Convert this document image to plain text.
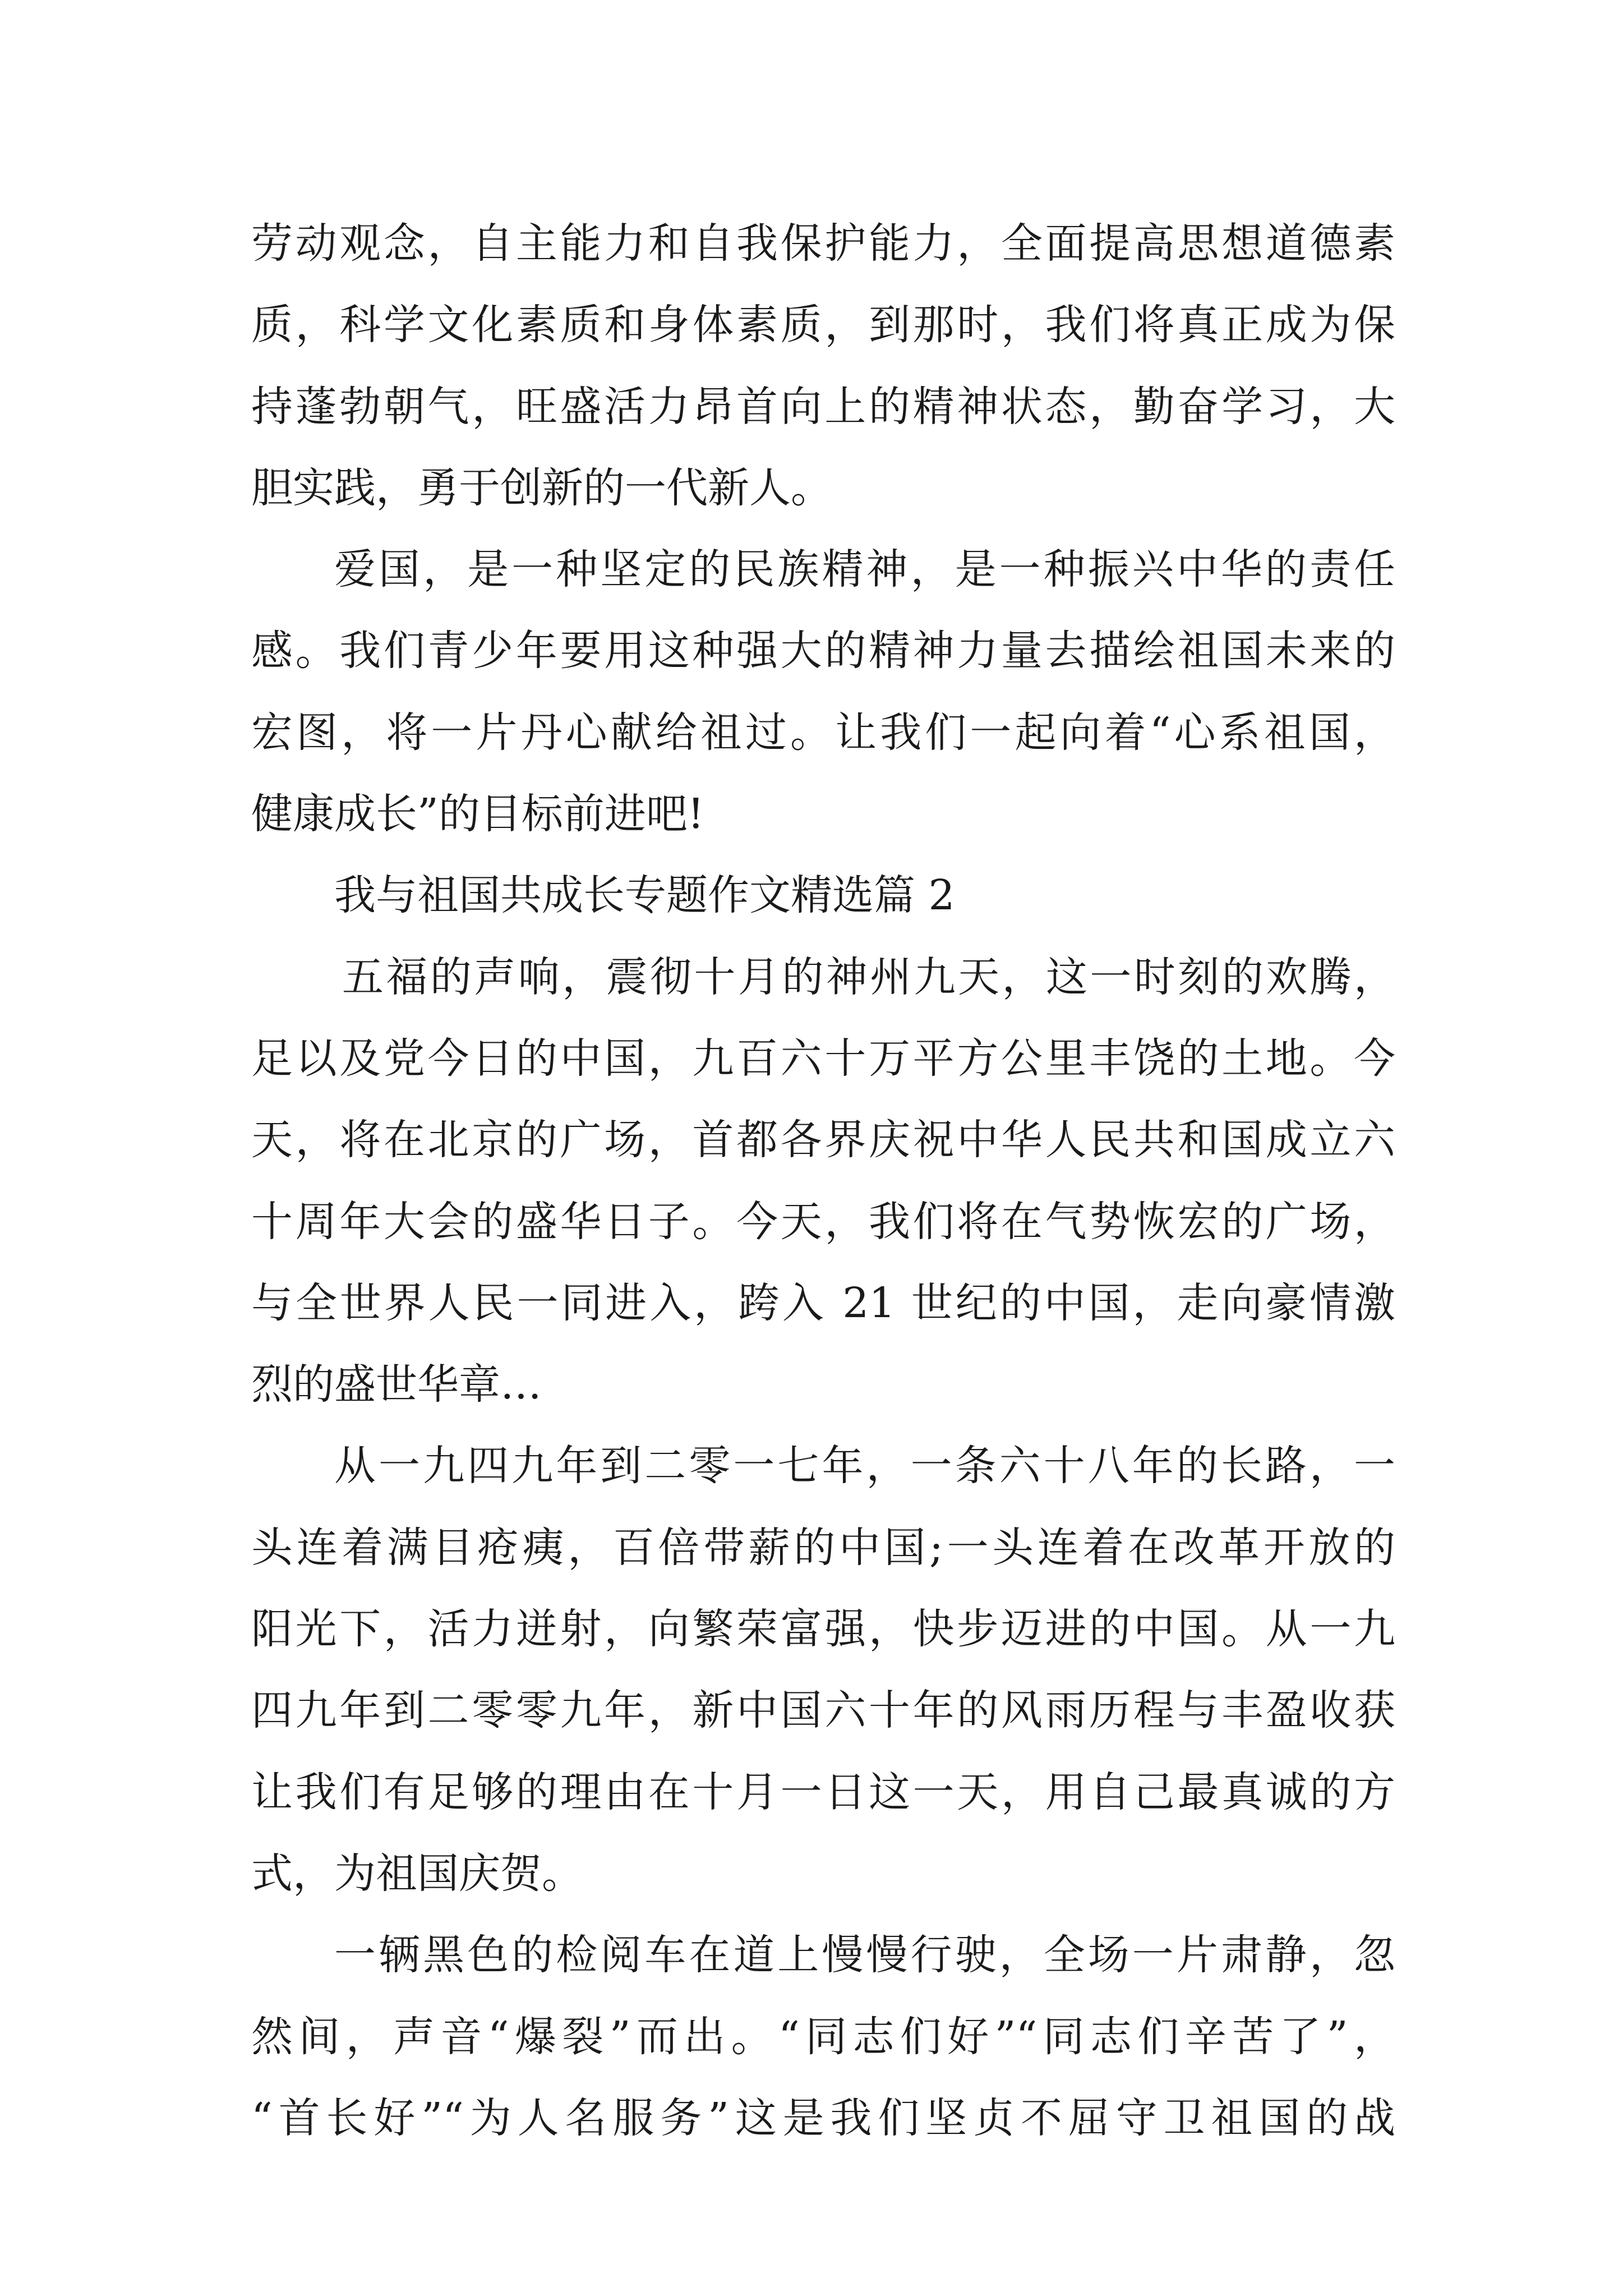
劳动观念，自主能力和自我保护能力，全面提高思想道德素
质，科学文化素质和身体素质，到那时，我们将真正成为保
持蓬勃朝气，旺盛活力昂首向上的精神状态，勤奋学习，大
胆实践，勇于创新的一代新人。
爱国，是一种坚定的民族精神，是一种振兴中华的责任
感。我们青少年要用这种强大的精神力量去描绘祖国未来的
宏图，将一片丹心献给祖过。让我们一起向着“心系祖国，
健康成长”的目标前进吧!
我与祖国共成长专题作文精选篇 2
五福的声响，震彻十月的神州九天，这一时刻的欢腾，
足以及党今日的中国，九百六十万平方公里丰饶的土地。今
天，将在北京的广场，首都各界庆祝中华人民共和国成立六
十周年大会的盛华日子。今天，我们将在气势恢宏的广场，
与全世界人民一同进入，跨入 21 世纪的中国，走向豪情激
烈的盛世华章…
从一九四九年到二零一七年，一条六十八年的长路，一
头连着满目疮痍，百倍带薪的中国;一头连着在改革开放的
阳光下，活力迸射，向繁荣富强，快步迈进的中国。从一九
四九年到二零零九年，新中国六十年的风雨历程与丰盈收获
让我们有足够的理由在十月一日这一天，用自己最真诚的方
式，为祖国庆贺。
一辆黑色的检阅车在道上慢慢行驶，全场一片肃静，忽
然间，声音“爆裂”而出。“同志们好”“同志们辛苦了”，
“首长好”“为人名服务”这是我们坚贞不屈守卫祖国的战
